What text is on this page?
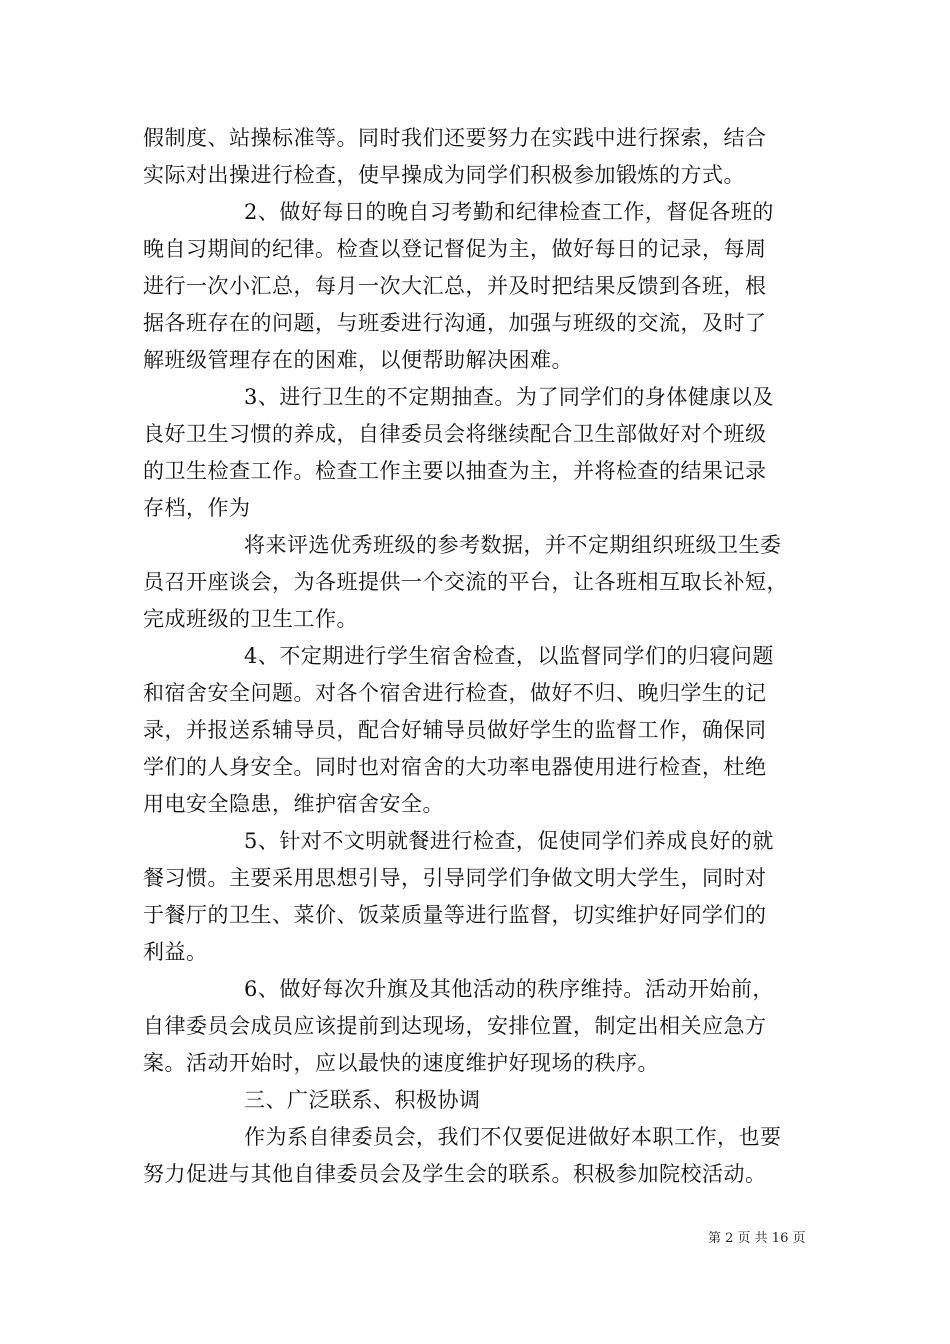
假制度、站操标准等。同时我们还要努力在实践中进行探索，结合
实际对出操进行检查，使早操成为同学们积极参加锻炼的方式。
2、做好每日的晚自习考勤和纪律检查工作，督促各班的
晚自习期间的纪律。检查以登记督促为主，做好每日的记录，每周
进行一次小汇总，每月一次大汇总，并及时把结果反馈到各班，根
据各班存在的问题，与班委进行沟通，加强与班级的交流，及时了
解班级管理存在的困难，以便帮助解决困难。
3、进行卫生的不定期抽查。为了同学们的身体健康以及
良好卫生习惯的养成，自律委员会将继续配合卫生部做好对个班级
的卫生检查工作。检查工作主要以抽查为主，并将检查的结果记录
存档，作为
将来评选优秀班级的参考数据，并不定期组织班级卫生委
员召开座谈会，为各班提供一个交流的平台，让各班相互取长补短，
完成班级的卫生工作。
4、不定期进行学生宿舍检查，以监督同学们的归寝问题
和宿舍安全问题。对各个宿舍进行检查，做好不归、晚归学生的记
录，并报送系辅导员，配合好辅导员做好学生的监督工作，确保同
学们的人身安全。同时也对宿舍的大功率电器使用进行检查，杜绝
用电安全隐患，维护宿舍安全。
5、针对不文明就餐进行检查，促使同学们养成良好的就
餐习惯。主要采用思想引导，引导同学们争做文明大学生，同时对
于餐厅的卫生、菜价、饭菜质量等进行监督，切实维护好同学们的
利益。
6、做好每次升旗及其他活动的秩序维持。活动开始前，
自律委员会成员应该提前到达现场，安排位置，制定出相关应急方
案。活动开始时，应以最快的速度维护好现场的秩序。
三、广泛联系、积极协调
作为系自律委员会，我们不仅要促进做好本职工作，也要
努力促进与其他自律委员会及学生会的联系。积极参加院校活动。
第 2 页 共 16 页
